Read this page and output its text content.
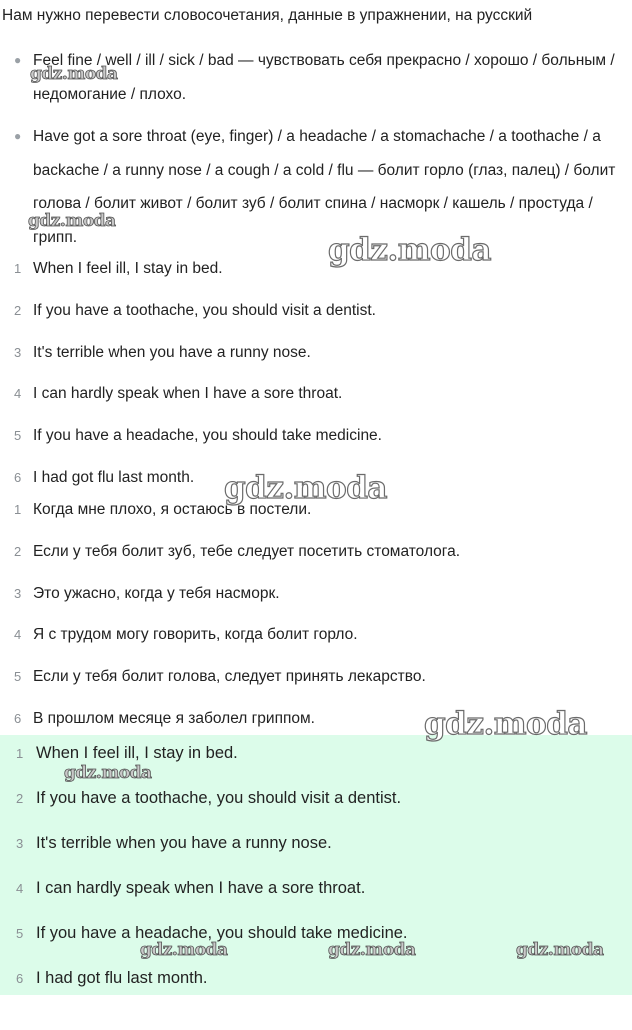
Нам нужно перевести словосочетания, данные в упражнении, на русский

● Feel fine / well / ill / sick / bad — чувствовать себя прекрасно / хорошо / больным / недомогание / плохо.
● Have got a sore throat (eye, finger) / a headache / a stomachache / a toothache / a backache / a runny nose / a cough / a cold / flu — болит горло (глаз, палец) / болит голова / болит живот / болит зуб / болит спина / насморк / кашель / простуда / грипп.
1 When I feel ill, I stay in bed.
2 If you have a toothache, you should visit a dentist.
3 It's terrible when you have a runny nose.
4 I can hardly speak when I have a sore throat.
5 If you have a headache, you should take medicine.
6 I had got flu last month.
1 Когда мне плохо, я остаюсь в постели.
2 Если у тебя болит зуб, тебе следует посетить стоматолога.
3 Это ужасно, когда у тебя насморк.
4 Я с трудом могу говорить, когда болит горло.
5 Если у тебя болит голова, следует принять лекарство.
6 В прошлом месяце я заболел гриппом.
1 When I feel ill, I stay in bed.
2 If you have a toothache, you should visit a dentist.
3 It's terrible when you have a runny nose.
4 I can hardly speak when I have a sore throat.
5 If you have a headache, you should take medicine.
6 I had got flu last month.
gdz.moda
gdz.moda
gdz.moda
gdz.moda
gdz.moda
gdz.moda
gdz.moda	gdz.moda	gdz.moda
